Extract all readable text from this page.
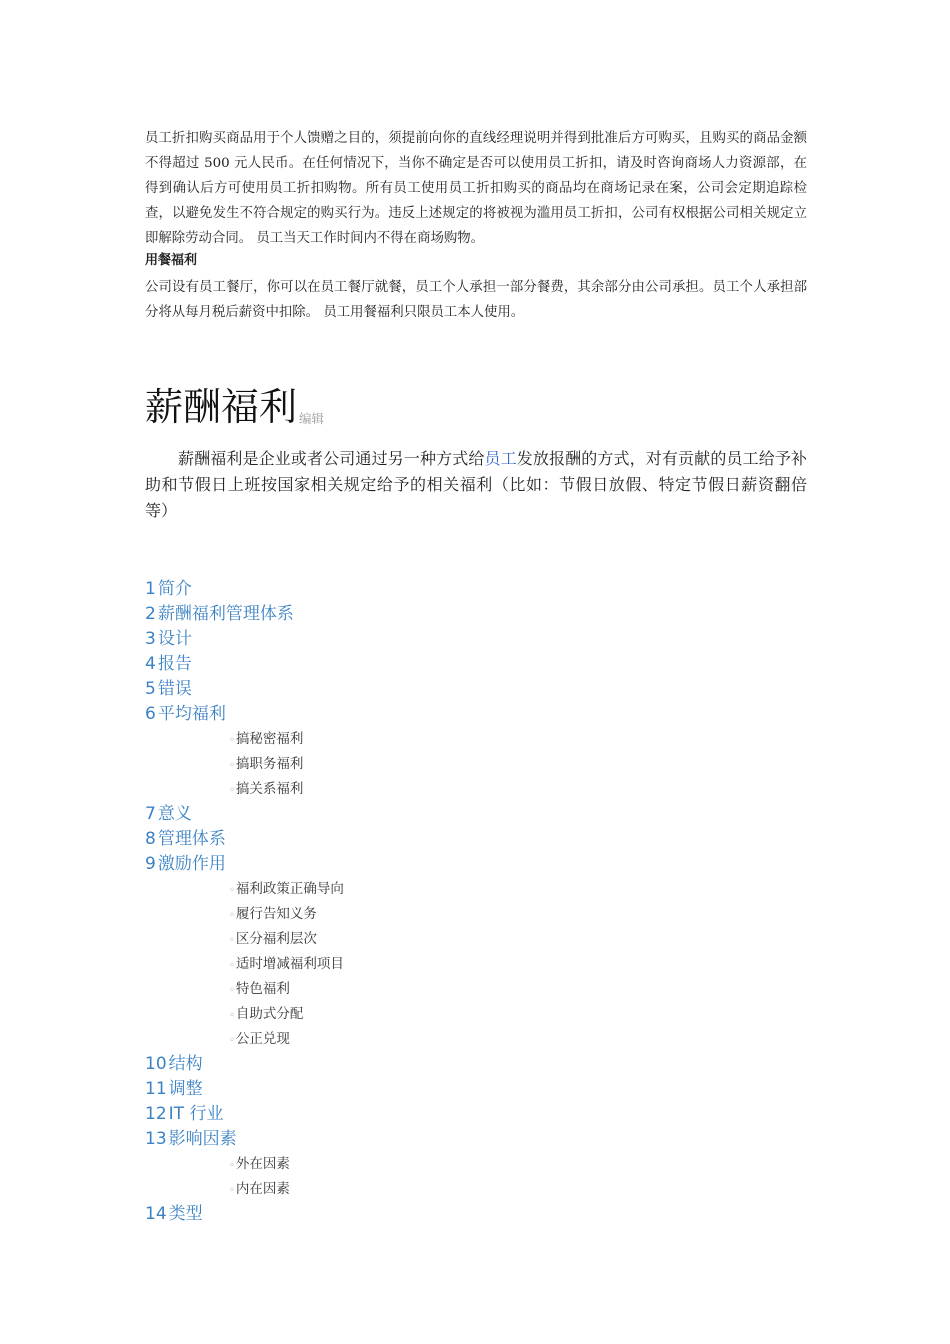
员工折扣购买商品用于个人馈赠之目的，须提前向你的直线经理说明并得到批准后方可购买，且购买的商品金额不得超过 500 元人民币。在任何情况下，当你不确定是否可以使用员工折扣，请及时咨询商场人力资源部，在得到确认后方可使用员工折扣购物。所有员工使用员工折扣购买的商品均在商场记录在案，公司会定期追踪检查，以避免发生不符合规定的购买行为。违反上述规定的将被视为滥用员工折扣，公司有权根据公司相关规定立即解除劳动合同。 员工当天工作时间内不得在商场购物。

用餐福利

公司设有员工餐厅，你可以在员工餐厅就餐，员工个人承担一部分餐费，其余部分由公司承担。员工个人承担部分将从每月税后薪资中扣除。 员工用餐福利只限员工本人使用。

薪酬福利 编辑

薪酬福利是企业或者公司通过另一种方式给员工发放报酬的方式，对有贡献的员工给予补助和节假日上班按国家相关规定给予的相关福利（比如：节假日放假、特定节假日薪资翻倍等）

1 简介
2 薪酬福利管理体系
3 设计
4 报告
5 错误
6 平均福利
◦搞秘密福利
◦搞职务福利
◦搞关系福利
7 意义
8 管理体系
9 激励作用
◦福利政策正确导向
◦履行告知义务
◦区分福利层次
◦适时增减福利项目
◦特色福利
◦自助式分配
◦公正兑现
10 结构
11 调整
12 IT 行业
13 影响因素
◦外在因素
◦内在因素
14 类型
